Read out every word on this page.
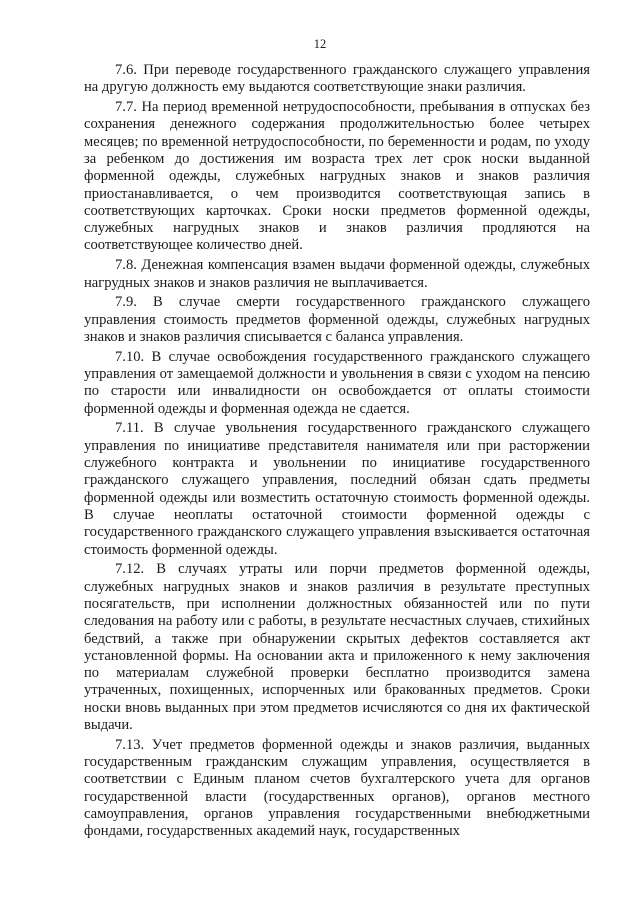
12

7.6. При переводе государственного гражданского служащего управления на другую должность ему выдаются соответствующие знаки различия.

7.7. На период временной нетрудоспособности, пребывания в отпусках без сохранения денежного содержания продолжительностью более четырех месяцев; по временной нетрудоспособности, по беременности и родам, по уходу за ребенком до достижения им возраста трех лет срок носки выданной форменной одежды, служебных нагрудных знаков и знаков различия приостанавливается, о чем производится соответствующая запись в соответствующих карточках. Сроки носки предметов форменной одежды, служебных нагрудных знаков и знаков различия продляются на соответствующее количество дней.

7.8. Денежная компенсация взамен выдачи форменной одежды, служебных нагрудных знаков и знаков различия не выплачивается.

7.9. В случае смерти государственного гражданского служащего управления стоимость предметов форменной одежды, служебных нагрудных знаков и знаков различия списывается с баланса управления.

7.10. В случае освобождения государственного гражданского служащего управления от замещаемой должности и увольнения в связи с уходом на пенсию по старости или инвалидности он освобождается от оплаты стоимости форменной одежды и форменная одежда не сдается.

7.11. В случае увольнения государственного гражданского служащего управления по инициативе представителя нанимателя или при расторжении служебного контракта и увольнении по инициативе государственного гражданского служащего управления, последний обязан сдать предметы форменной одежды или возместить остаточную стоимость форменной одежды. В случае неоплаты остаточной стоимости форменной одежды с государственного гражданского служащего управления взыскивается остаточная стоимость форменной одежды.

7.12. В случаях утраты или порчи предметов форменной одежды, служебных нагрудных знаков и знаков различия в результате преступных посягательств, при исполнении должностных обязанностей или по пути следования на работу или с работы, в результате несчастных случаев, стихийных бедствий, а также при обнаружении скрытых дефектов составляется акт установленной формы. На основании акта и приложенного к нему заключения по материалам служебной проверки бесплатно производится замена утраченных, похищенных, испорченных или бракованных предметов. Сроки носки вновь выданных при этом предметов исчисляются со дня их фактической выдачи.

7.13. Учет предметов форменной одежды и знаков различия, выданных государственным гражданским служащим управления, осуществляется в соответствии с Единым планом счетов бухгалтерского учета для органов государственной власти (государственных органов), органов местного самоуправления, органов управления государственными внебюджетными фондами, государственных академий наук, государственных
